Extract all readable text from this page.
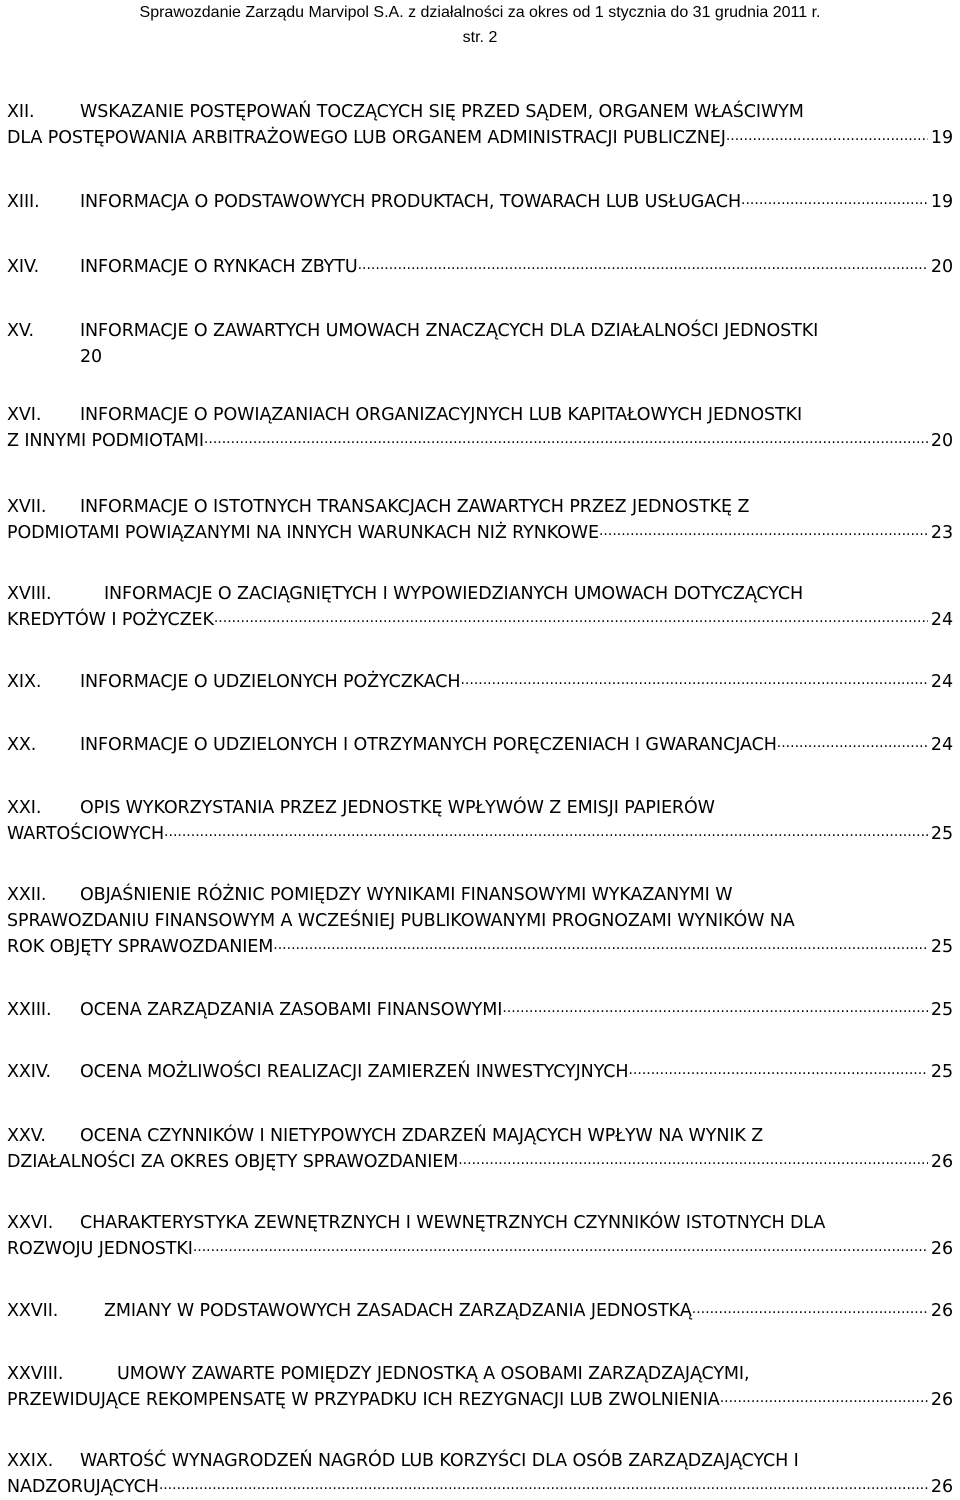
Sprawozdanie Zarządu Marvipol S.A. z działalności za okres od 1 stycznia do 31 grudnia 2011 r.
str. 2
XII.	WSKAZANIE POSTĘPOWAŃ TOCZĄCYCH SIĘ PRZED SĄDEM, ORGANEM WŁAŚCIWYM
DLA POSTĘPOWANIA ARBITRAŻOWEGO LUB ORGANEM ADMINISTRACJI PUBLICZNEJ .....	19
XIII. INFORMACJA O PODSTAWOWYCH PRODUKTACH, TOWARACH LUB USŁUGACH .....	19
XIV. INFORMACJE O RYNKACH ZBYTU .....	20
XV.	INFORMACJE O ZAWARTYCH UMOWACH ZNACZĄCYCH DLA DZIAŁALNOŚCI JEDNOSTKI
20
XVI. INFORMACJE O POWIĄZANIACH ORGANIZACYJNYCH LUB KAPITAŁOWYCH JEDNOSTKI
Z INNYMI PODMIOTAMI .....	20
XVII. INFORMACJE O ISTOTNYCH TRANSAKCJACH ZAWARTYCH PRZEZ JEDNOSTKĘ Z
PODMIOTAMI POWIĄZANYMI NA INNYCH WARUNKACH NIŻ RYNKOWE .....	23
XVIII.	INFORMACJE O ZACIĄGNIĘTYCH I WYPOWIEDZIANYCH UMOWACH DOTYCZĄCYCH
KREDYTÓW I POŻYCZEK .....	24
XIX. INFORMACJE O UDZIELONYCH POŻYCZKACH .....	24
XX.	INFORMACJE O UDZIELONYCH I OTRZYMANYCH PORĘCZENIACH I GWARANCJACH .....	24
XXI. OPIS WYKORZYSTANIA PRZEZ JEDNOSTKĘ WPŁYWÓW Z EMISJI PAPIERÓW
WARTOŚCIOWYCH .....	25
XXII. OBJAŚNIENIE RÓŻNIC POMIĘDZY WYNIKAMI FINANSOWYMI WYKAZANYMI W
SPRAWOZDANIU FINANSOWYM A WCZEŚNIEJ PUBLIKOWANYMI PROGNOZAMI WYNIKÓW NA
ROK OBJĘTY SPRAWOZDANIEM .....	25
XXIII. OCENA ZARZĄDZANIA ZASOBAMI FINANSOWYMI .....	25
XXIV. OCENA MOŻLIWOŚCI REALIZACJI ZAMIERZEŃ INWESTYCYJNYCH .....	25
XXV. OCENA CZYNNIKÓW I NIETYPOWYCH ZDARZEŃ MAJĄCYCH WPŁYW NA WYNIK Z
DZIAŁALNOŚCI ZA OKRES OBJĘTY SPRAWOZDANIEM .....	26
XXVI. CHARAKTERYSTYKA ZEWNĘTRZNYCH I WEWNĘTRZNYCH CZYNNIKÓW ISTOTNYCH DLA
ROZWOJU JEDNOSTKI .....	26
XXVII.	ZMIANY W PODSTAWOWYCH ZASADACH ZARZĄDZANIA JEDNOSTKĄ .....	26
XXVIII.	UMOWY ZAWARTE POMIĘDZY JEDNOSTKĄ A OSOBAMI ZARZĄDZAJĄCYMI,
PRZEWIDUJĄCE REKOMPENSATĘ W PRZYPADKU ICH REZYGNACJI LUB ZWOLNIENIA .....	26
XXIX. WARTOŚĆ WYNAGRODZEŃ NAGRÓD LUB KORZYŚCI DLA OSÓB ZARZĄDZAJĄCYCH I
NADZORUJĄCYCH .....	26
